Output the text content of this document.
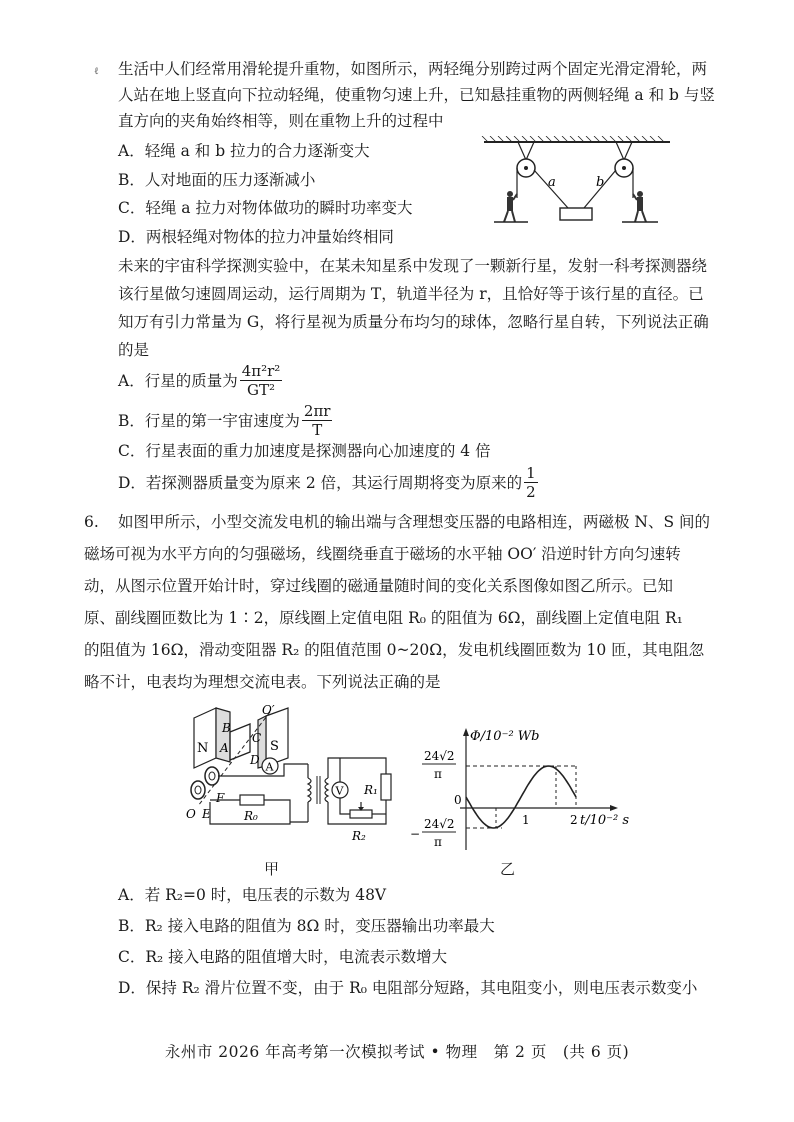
ℓ 生活中人们经常用滑轮提升重物，如图所示，两轻绳分别跨过两个固定光滑定滑轮，两
人站在地上竖直向下拉动轻绳，使重物匀速上升，已知悬挂重物的两侧轻绳 a 和 b 与竖
直方向的夹角始终相等，则在重物上升的过程中
A．轻绳 a 和 b 拉力的合力逐渐变大
B．人对地面的压力逐渐减小
C．轻绳 a 拉力对物体做功的瞬时功率变大
D．两根轻绳对物体的拉力冲量始终相同
a	b
未来的宇宙科学探测实验中，在某未知星系中发现了一颗新行星，发射一科考探测器绕
该行星做匀速圆周运动，运行周期为 T，轨道半径为 r，且恰好等于该行星的直径。已
知万有引力常量为 G，将行星视为质量分布均匀的球体，忽略行星自转，下列说法正确
的是
A．行星的质量为 $\frac{\text{4π²r²}}{\text{GT²}}$
B．行星的第一宇宙速度为 $\frac{2\pi r}{T}$
C．行星表面的重力加速度是探测器向心加速度的 4 倍
D．若探测器质量变为原来 2 倍，其运行周期将变为原来的 $\frac{1}{2}$
6. 如图甲所示，小型交流发电机的输出端与含理想变压器的电路相连，两磁极 N、S 间的
磁场可视为水平方向的匀强磁场，线圈绕垂直于磁场的水平轴 OO′ 沿逆时针方向匀速转
动，从图示位置开始计时，穿过线圈的磁通量随时间的变化关系图像如图乙所示。已知
原、副线圈匝数比为 1∶2，原线圈上定值电阻 R₀ 的阻值为 6Ω，副线圈上定值电阻 R₁
的阻值为 16Ω，滑动变阻器 R₂ 的阻值范围 0~20Ω，发电机线圈匝数为 10 匝，其电阻忽
略不计，电表均为理想交流电表。下列说法正确的是
N	S
O′
O
B
A
C
D
F
E	R₀
A
R₁
V
R₂
甲
Φ/10⁻² Wb
t/10⁻² s
0
1	2
24√2
π
−
24√2
π
乙
A．若 R₂=0 时，电压表的示数为 48V
B．R₂ 接入电路的阻值为 8Ω 时，变压器输出功率最大
C．R₂ 接入电路的阻值增大时，电流表示数增大
D．保持 R₂ 滑片位置不变，由于 R₀ 电阻部分短路，其电阻变小，则电压表示数变小
永州市 2026 年高考第一次模拟考试 • 物理　第 2 页　(共 6 页)
